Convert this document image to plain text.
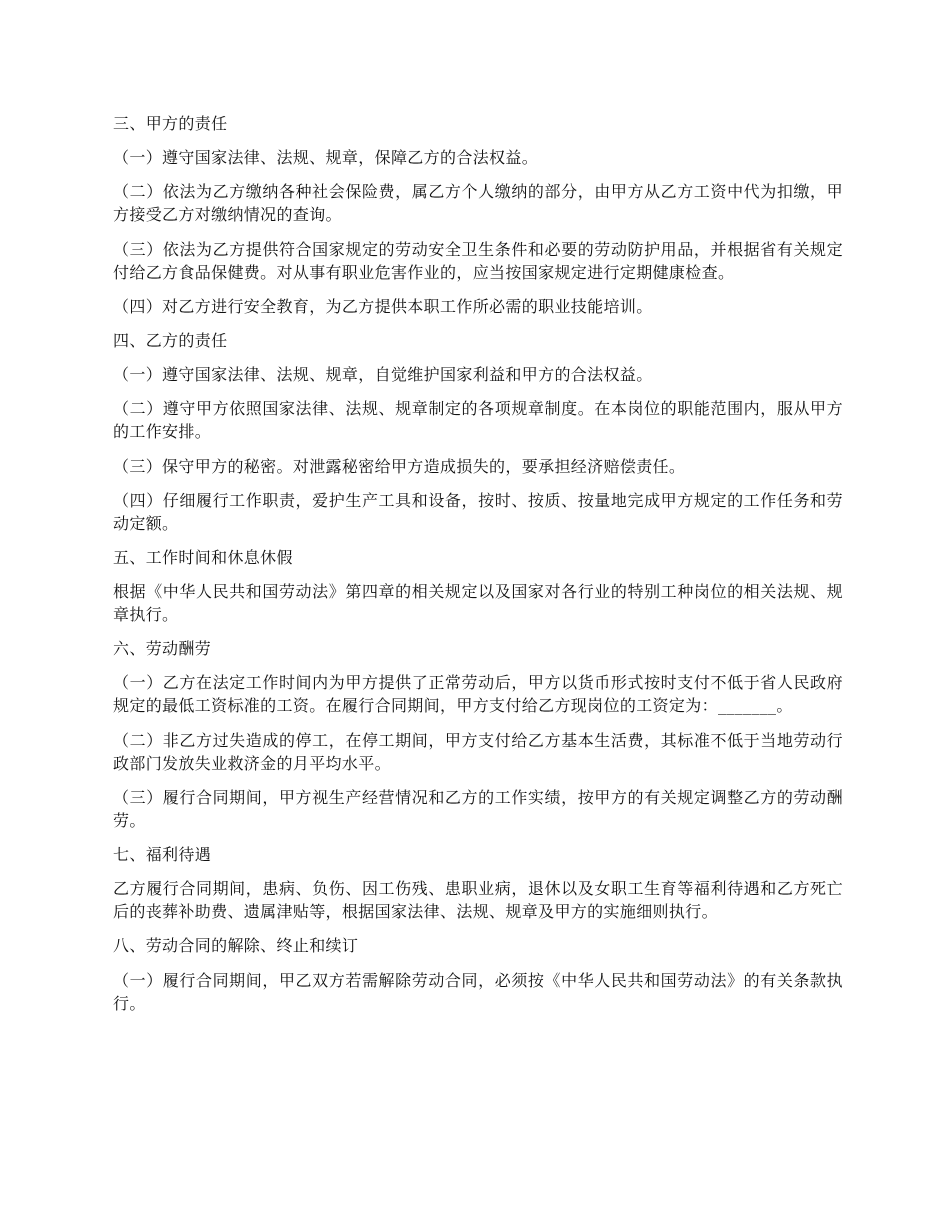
三、甲方的责任

（一）遵守国家法律、法规、规章，保障乙方的合法权益。

（二）依法为乙方缴纳各种社会保险费，属乙方个人缴纳的部分，由甲方从乙方工资中代为扣缴，甲方接受乙方对缴纳情况的查询。

（三）依法为乙方提供符合国家规定的劳动安全卫生条件和必要的劳动防护用品，并根据省有关规定付给乙方食品保健费。对从事有职业危害作业的，应当按国家规定进行定期健康检查。

（四）对乙方进行安全教育，为乙方提供本职工作所必需的职业技能培训。

四、乙方的责任

（一）遵守国家法律、法规、规章，自觉维护国家利益和甲方的合法权益。

（二）遵守甲方依照国家法律、法规、规章制定的各项规章制度。在本岗位的职能范围内，服从甲方的工作安排。

（三）保守甲方的秘密。对泄露秘密给甲方造成损失的，要承担经济赔偿责任。

（四）仔细履行工作职责，爱护生产工具和设备，按时、按质、按量地完成甲方规定的工作任务和劳动定额。

五、工作时间和休息休假

根据《中华人民共和国劳动法》第四章的相关规定以及国家对各行业的特别工种岗位的相关法规、规章执行。

六、劳动酬劳

（一）乙方在法定工作时间内为甲方提供了正常劳动后，甲方以货币形式按时支付不低于省人民政府规定的最低工资标准的工资。在履行合同期间，甲方支付给乙方现岗位的工资定为：_______。

（二）非乙方过失造成的停工，在停工期间，甲方支付给乙方基本生活费，其标准不低于当地劳动行政部门发放失业救济金的月平均水平。

（三）履行合同期间，甲方视生产经营情况和乙方的工作实绩，按甲方的有关规定调整乙方的劳动酬劳。

七、福利待遇

乙方履行合同期间，患病、负伤、因工伤残、患职业病，退休以及女职工生育等福利待遇和乙方死亡后的丧葬补助费、遗属津贴等，根据国家法律、法规、规章及甲方的实施细则执行。

八、劳动合同的解除、终止和续订

（一）履行合同期间，甲乙双方若需解除劳动合同，必须按《中华人民共和国劳动法》的有关条款执行。
